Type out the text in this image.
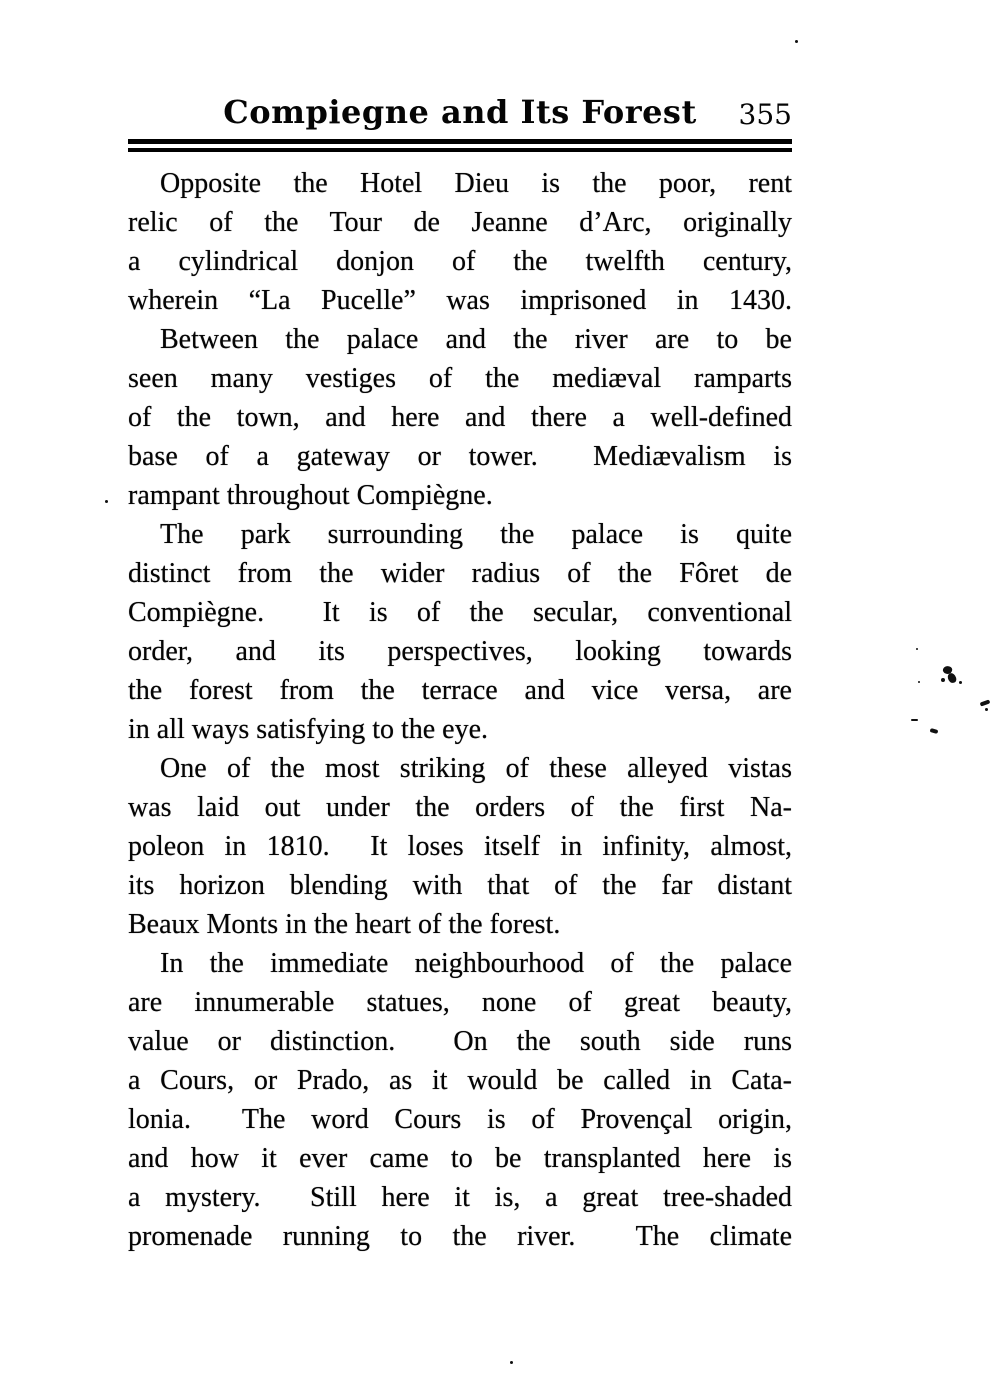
Compiegne and Its Forest	355
Opposite the Hotel Dieu is the poor, rent
relic of the Tour de Jeanne d’Arc, originally
a cylindrical donjon of the twelfth century,
wherein “La Pucelle” was imprisoned in 1430.
Between the palace and the river are to be
seen many vestiges of the mediæval ramparts
of the town, and here and there a well-defined
base of a gateway or tower.  Mediævalism is
rampant throughout Compiègne.
The park surrounding the palace is quite
distinct from the wider radius of the Fôret de
Compiègne.  It is of the secular, conventional
order, and its perspectives, looking towards
the forest from the terrace and vice versa, are
in all ways satisfying to the eye.
One of the most striking of these alleyed vistas
was laid out under the orders of the first Na-
poleon in 1810.  It loses itself in infinity, almost,
its horizon blending with that of the far distant
Beaux Monts in the heart of the forest.
In the immediate neighbourhood of the palace
are innumerable statues, none of great beauty,
value or distinction.  On the south side runs
a Cours, or Prado, as it would be called in Cata-
lonia.  The word Cours is of Provençal origin,
and how it ever came to be transplanted here is
a mystery.  Still here it is, a great tree-shaded
promenade running to the river.  The climate
